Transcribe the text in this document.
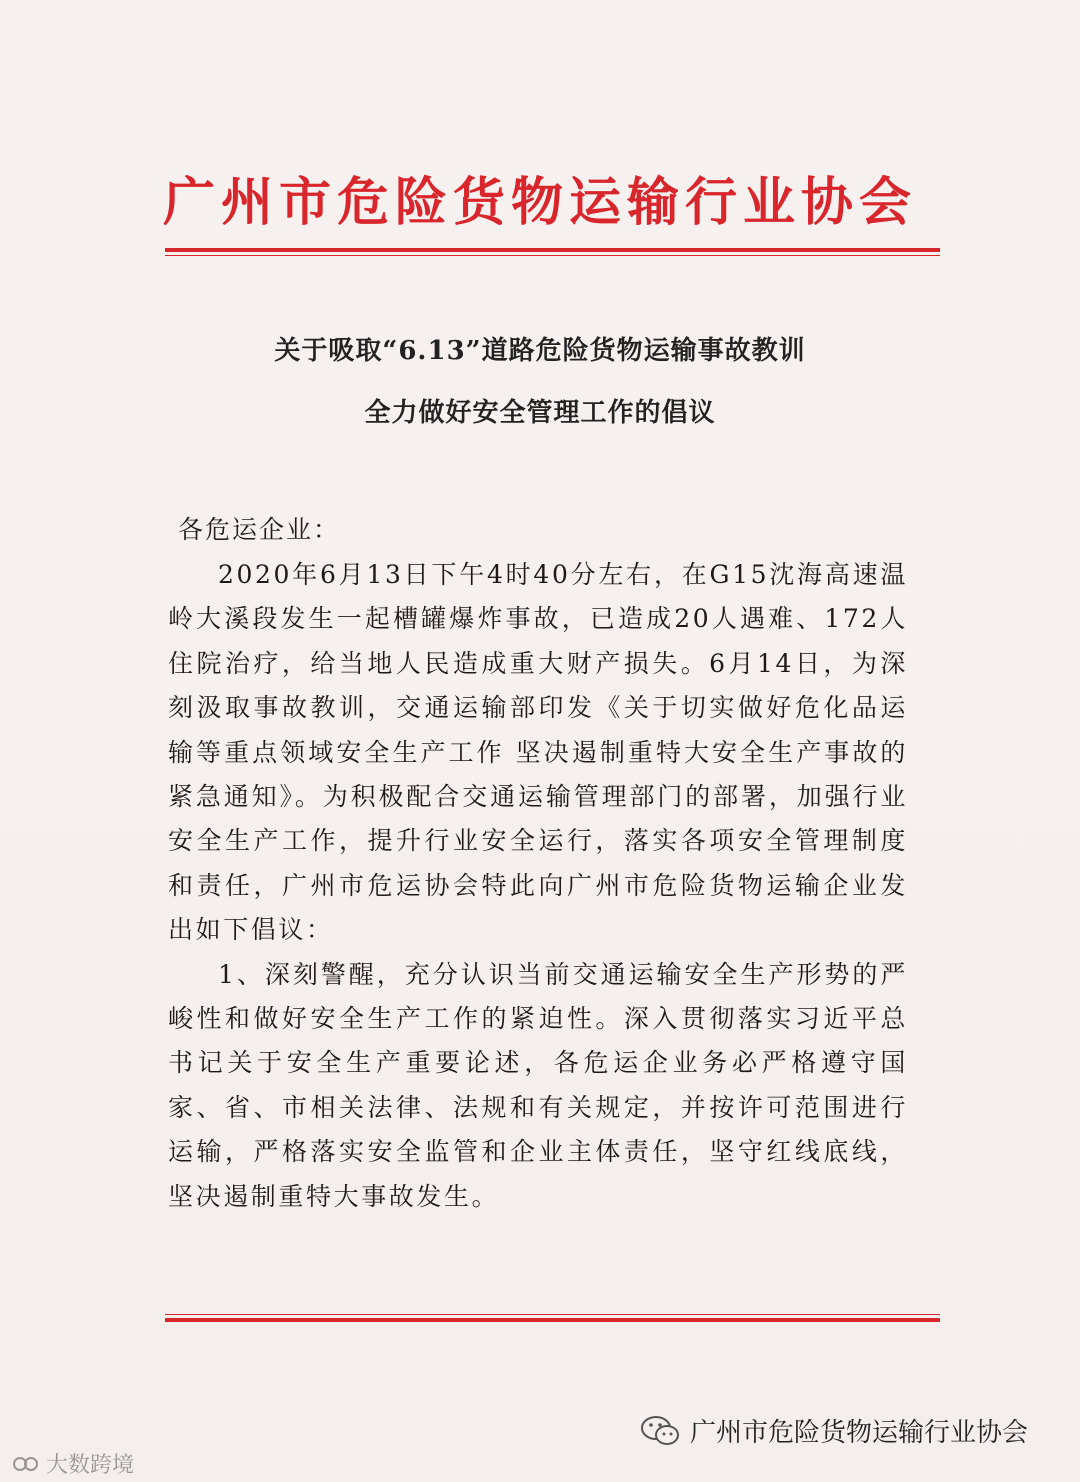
广州市危险货物运输行业协会
关于吸取“6.13”道路危险货物运输事故教训
全力做好安全管理工作的倡议
各危运企业：

2020年6月13日下午4时40分左右，在G15沈海高速温岭大溪段发生一起槽罐爆炸事故，已造成20人遇难、172人住院治疗，给当地人民造成重大财产损失。6月14日，为深刻汲取事故教训，交通运输部印发《关于切实做好危化品运输等重点领域安全生产工作 坚决遏制重特大安全生产事故的紧急通知》。为积极配合交通运输管理部门的部署，加强行业安全生产工作，提升行业安全运行，落实各项安全管理制度和责任，广州市危运协会特此向广州市危险货物运输企业发出如下倡议：

1、深刻警醒，充分认识当前交通运输安全生产形势的严峻性和做好安全生产工作的紧迫性。深入贯彻落实习近平总书记关于安全生产重要论述，各危运企业务必严格遵守国家、省、市相关法律、法规和有关规定，并按许可范围进行运输，严格落实安全监管和企业主体责任，坚守红线底线，坚决遏制重特大事故发生。

广州市危险货物运输行业协会
大数跨境
